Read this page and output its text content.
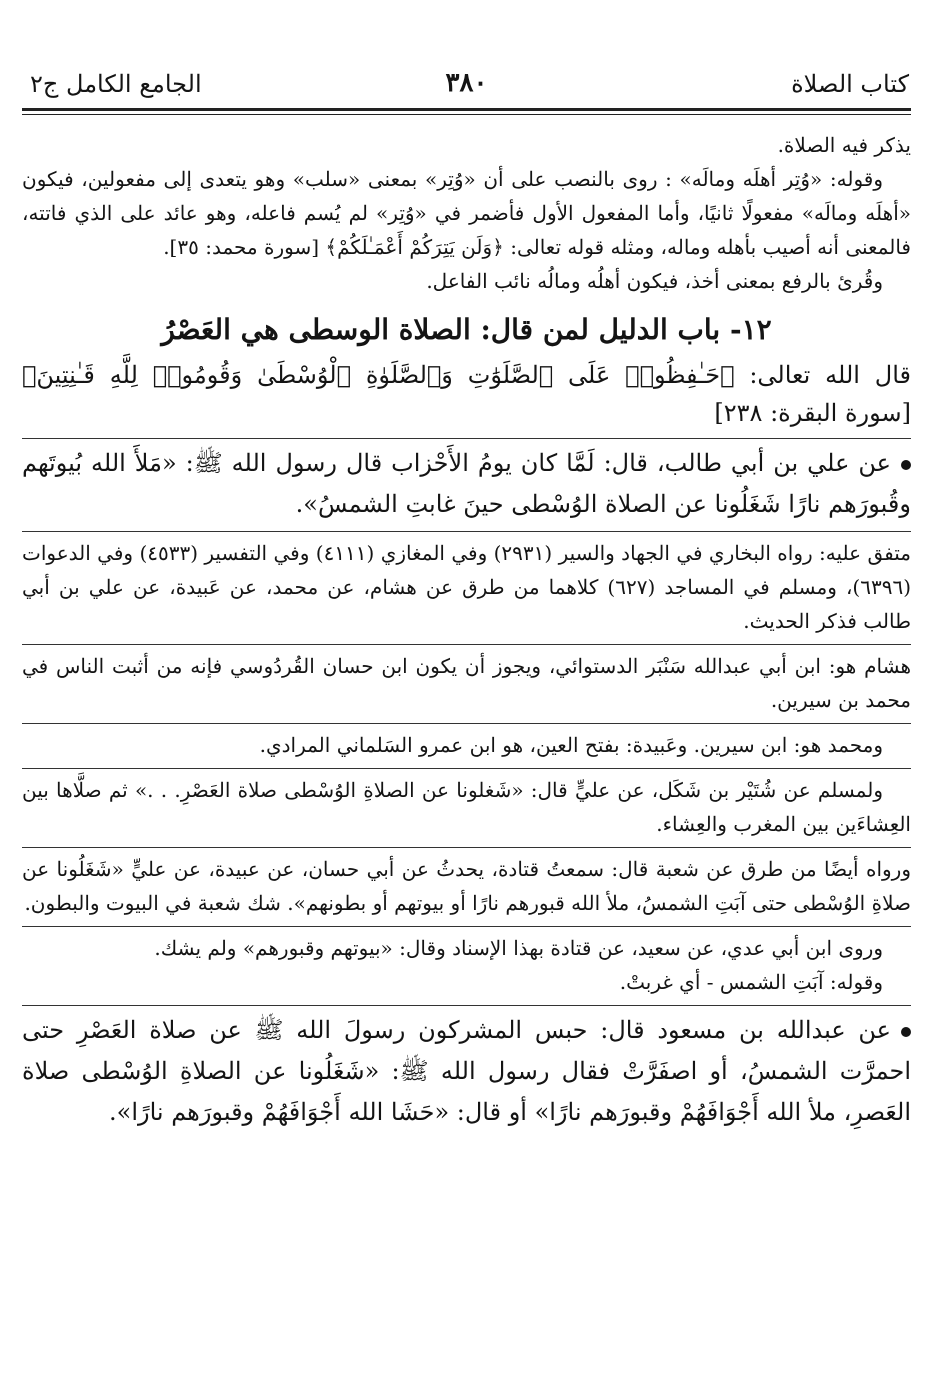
الجامع الكامل ج٢	٣٨٠	كتاب الصلاة

يذكر فيه الصلاة.

وقوله: «وُتِر أهلَه ومالَه» : روى بالنصب على أن «وُتِر» بمعنى «سلب» وهو يتعدى إلى مفعولين، فيكون «أهلَه ومالَه» مفعولًا ثانيًا، وأما المفعول الأول فأضمر في «وُتِر» لم يُسم فاعله، وهو عائد على الذي فاتته، فالمعنى أنه أصيب بأهله وماله، ومثله قوله تعالى: ﴿وَلَن يَتِرَكُمْ أَعْمَـٰلَكُمْ﴾ [سورة محمد: ٣٥].

وقُرئ بالرفع بمعنى أخذ، فيكون أهلُه ومالُه نائب الفاعل.

١٢- باب الدليل لمن قال: الصلاة الوسطى هي العَصْرُ

قال الله تعالى: ﴿حَـٰفِظُوا۟ عَلَى ٱلصَّلَوَٰتِ وَٱلصَّلَوٰةِ ٱلْوُسْطَىٰ وَقُومُوا۟ لِلَّهِ قَـٰنِتِينَ﴾ [سورة البقرة: ٢٣٨]

عن علي بن أبي طالب، قال: لَمَّا كان يومُ الأَحْزاب قال رسول الله ﷺ: «مَلأَ الله بُيوتَهم وقُبورَهم نارًا شَغَلُونا عن الصلاة الوُسْطى حينَ غابتِ الشمسُ».

متفق عليه: رواه البخاري في الجهاد والسير (٢٩٣١) وفي المغازي (٤١١١) وفي التفسير (٤٥٣٣) وفي الدعوات (٦٣٩٦)، ومسلم في المساجد (٦٢٧) كلاهما من طرق عن هشام، عن محمد، عن عَبيدة، عن علي بن أبي طالب فذكر الحديث.

هشام هو: ابن أبي عبدالله سَنْبَر الدستوائي، ويجوز أن يكون ابن حسان القُردُوسي فإنه من أثبت الناس في محمد بن سيرين.

ومحمد هو: ابن سيرين. وعَبيدة: بفتح العين، هو ابن عمرو السَلماني المرادي.

ولمسلم عن شُتَيْر بن شَكَل، عن عليٍّ قال: «شَغلونا عن الصلاةِ الوُسْطى صلاة العَصْرِ. . .» ثم صلَّاها بين العِشاءَين بين المغرب والعِشاء.

ورواه أيضًا من طرق عن شعبة قال: سمعتُ قتادة، يحدثُ عن أبي حسان، عن عبيدة، عن عليٍّ «شَغَلُونا عن صلاةِ الوُسْطى حتى آبَتِ الشمسُ، ملأ الله قبورهم نارًا أو بيوتهم أو بطونهم». شك شعبة في البيوت والبطون.

وروى ابن أبي عدي، عن سعيد، عن قتادة بهذا الإسناد وقال: «بيوتهم وقبورهم» ولم يشك.

وقوله: آبَتِ الشمس - أي غربتْ.

عن عبدالله بن مسعود قال: حبس المشركون رسولَ الله ﷺ عن صلاة العَصْرِ حتى احمرَّت الشمسُ، أو اصفَرَّتْ فقال رسول الله ﷺ: «شَغَلُونا عن الصلاةِ الوُسْطى صلاة العَصرِ، ملأ الله أَجْوَافَهُمْ وقبورَهم نارًا» أو قال: «حَشَا الله أَجْوَافَهُمْ وقبورَهم نارًا».
